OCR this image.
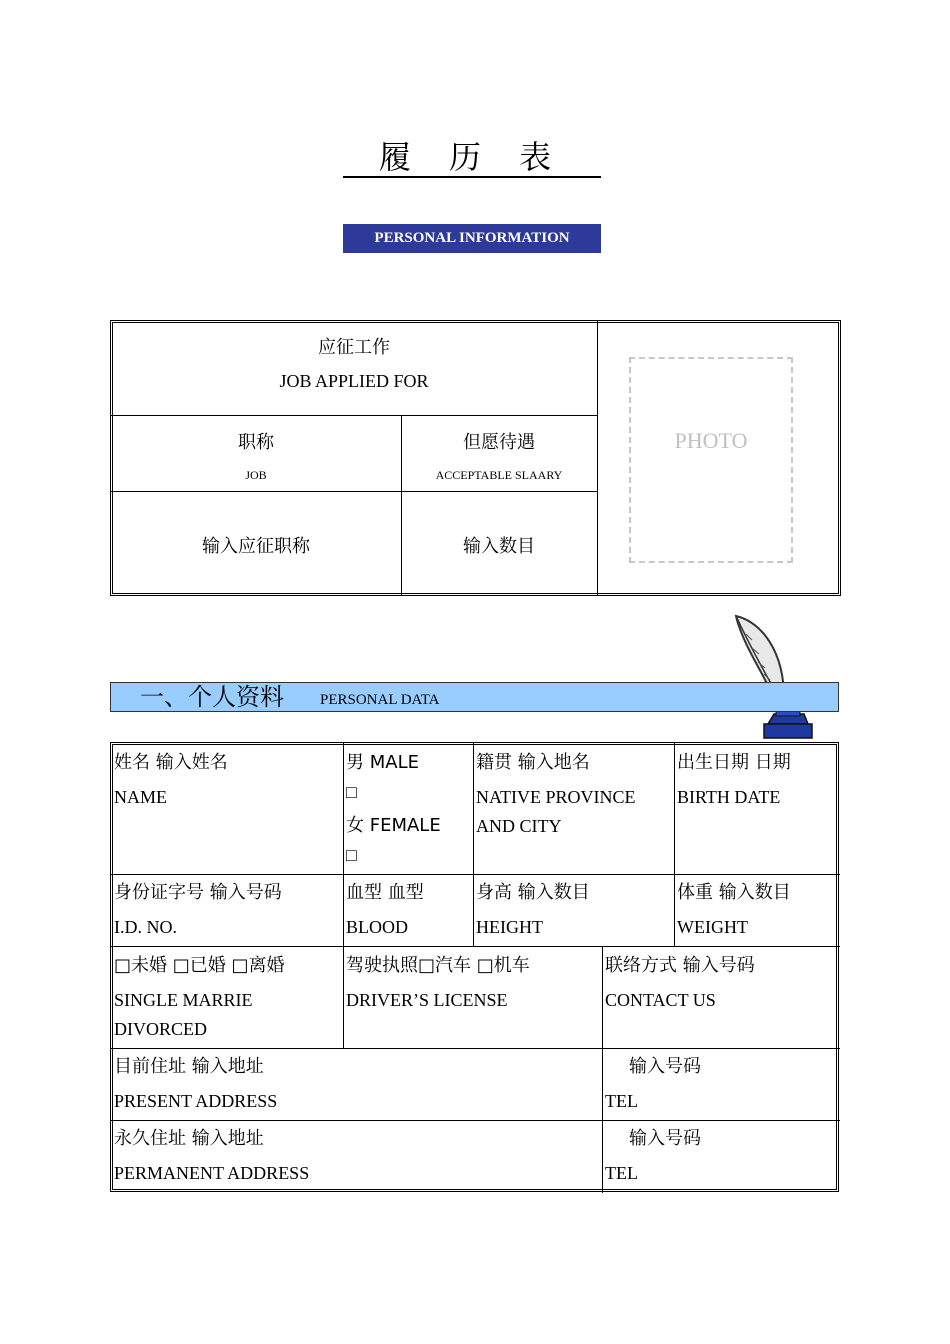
履 历 表
PERSONAL INFORMATION
应征工作
JOB APPLIED FOR
职称
JOB
但愿待遇
ACCEPTABLE SLAARY
输入应征职称	输入数目
PHOTO
一、个人资料 PERSONAL DATA
姓名 输入姓名
NAME
男 MALE
□
女 FEMALE
□
籍贯 输入地名
NATIVE PROVINCE
AND CITY
出生日期 日期
BIRTH DATE
身份证字号 输入号码
I.D. NO.
血型 血型
BLOOD
身高 输入数目
HEIGHT
体重 输入数目
WEIGHT
□未婚 □已婚 □离婚
SINGLE MARRIE
DIVORCED
驾驶执照□汽车 □机车
DRIVER’S LICENSE
联络方式 输入号码
CONTACT US
目前住址 输入地址
PRESENT ADDRESS
输入号码
TEL
永久住址 输入地址
PERMANENT ADDRESS
输入号码
TEL
